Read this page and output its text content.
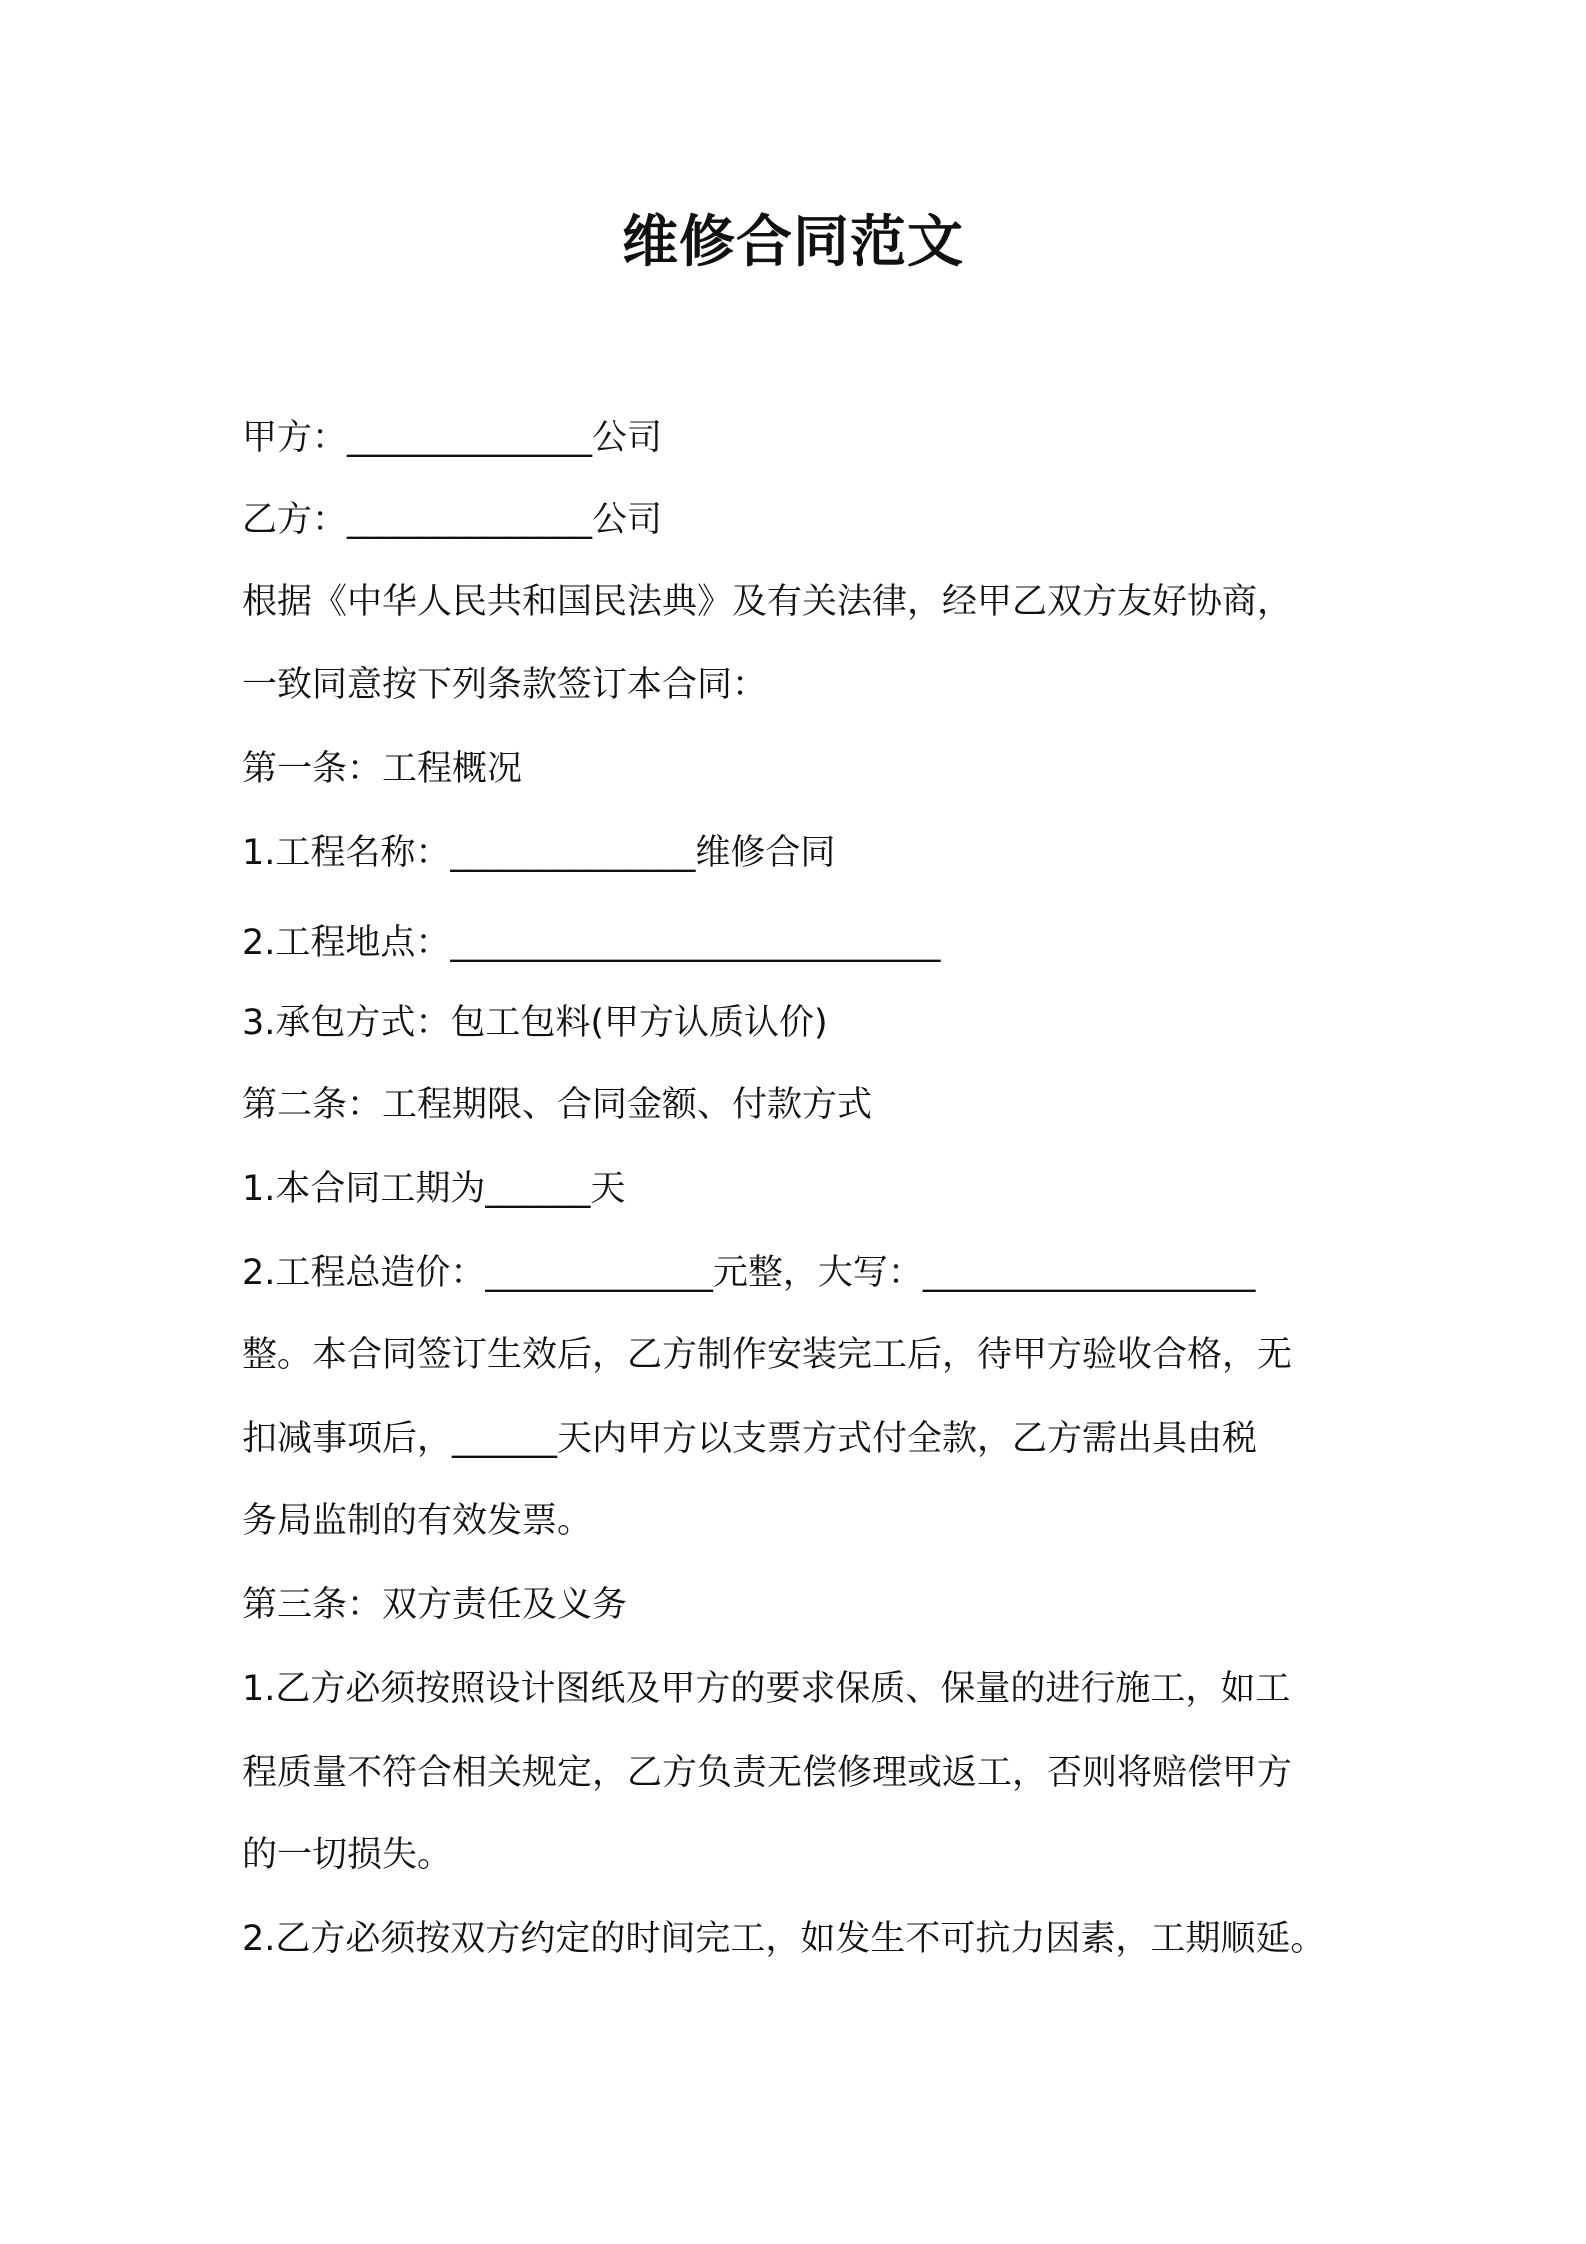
维修合同范文
甲方：______________公司
乙方：______________公司
根据《中华人民共和国民法典》及有关法律，经甲乙双方友好协商，
一致同意按下列条款签订本合同：
第一条：工程概况
1.工程名称：______________维修合同
2.工程地点：____________________________
3.承包方式：包工包料(甲方认质认价)
第二条：工程期限、合同金额、付款方式
1.本合同工期为______天
2.工程总造价：_____________元整，大写：___________________
整。本合同签订生效后，乙方制作安装完工后，待甲方验收合格，无
扣减事项后，______天内甲方以支票方式付全款，乙方需出具由税
务局监制的有效发票。
第三条：双方责任及义务
1.乙方必须按照设计图纸及甲方的要求保质、保量的进行施工，如工
程质量不符合相关规定，乙方负责无偿修理或返工，否则将赔偿甲方
的一切损失。
2.乙方必须按双方约定的时间完工，如发生不可抗力因素，工期顺延。
